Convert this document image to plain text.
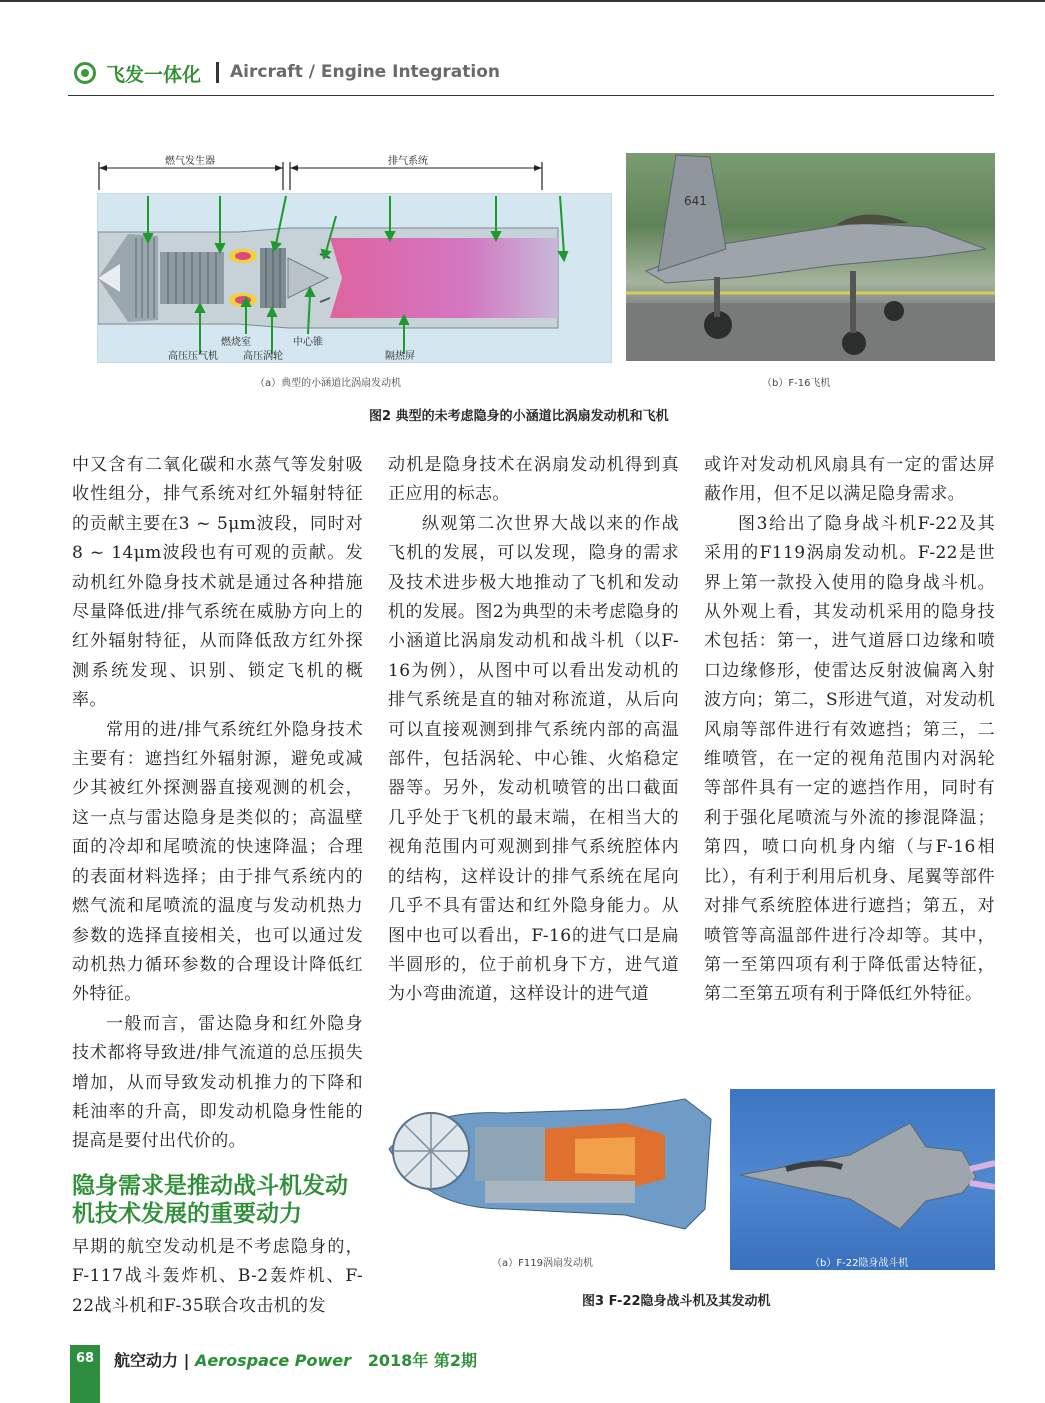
飞发一体化 Aircraft / Engine Integration
燃气发生器	排气系统
燃烧室	中心锥
高压压气机	高压涡轮	隔热屏
641
（a）典型的小涵道比涡扇发动机	（b）F-16飞机
图2 典型的未考虑隐身的小涵道比涡扇发动机和飞机

中又含有二氧化碳和水蒸气等发射吸收性组分，排气系统对红外辐射特征的贡献主要在3 ~ 5μm波段，同时对8 ~ 14μm波段也有可观的贡献。发动机红外隐身技术就是通过各种措施尽量降低进/排气系统在威胁方向上的红外辐射特征，从而降低敌方红外探测系统发现、识别、锁定飞机的概率。

常用的进/排气系统红外隐身技术主要有：遮挡红外辐射源，避免或减少其被红外探测器直接观测的机会，这一点与雷达隐身是类似的；高温壁面的冷却和尾喷流的快速降温；合理的表面材料选择；由于排气系统内的燃气流和尾喷流的温度与发动机热力参数的选择直接相关，也可以通过发动机热力循环参数的合理设计降低红外特征。

一般而言，雷达隐身和红外隐身技术都将导致进/排气流道的总压损失增加，从而导致发动机推力的下降和耗油率的升高，即发动机隐身性能的提高是要付出代价的。

隐身需求是推动战斗机发动机技术发展的重要动力

早期的航空发动机是不考虑隐身的，F-117战斗轰炸机、B-2轰炸机、F-22战斗机和F-35联合攻击机的发

动机是隐身技术在涡扇发动机得到真正应用的标志。

纵观第二次世界大战以来的作战飞机的发展，可以发现，隐身的需求及技术进步极大地推动了飞机和发动机的发展。图2为典型的未考虑隐身的小涵道比涡扇发动机和战斗机（以F-16为例），从图中可以看出发动机的排气系统是直的轴对称流道，从后向可以直接观测到排气系统内部的高温部件，包括涡轮、中心锥、火焰稳定器等。另外，发动机喷管的出口截面几乎处于飞机的最末端，在相当大的视角范围内可观测到排气系统腔体内的结构，这样设计的排气系统在尾向几乎不具有雷达和红外隐身能力。从图中也可以看出，F-16的进气口是扁半圆形的，位于前机身下方，进气道为小弯曲流道，这样设计的进气道

或许对发动机风扇具有一定的雷达屏蔽作用，但不足以满足隐身需求。

图3给出了隐身战斗机F-22及其采用的F119涡扇发动机。F-22是世界上第一款投入使用的隐身战斗机。从外观上看，其发动机采用的隐身技术包括：第一，进气道唇口边缘和喷口边缘修形，使雷达反射波偏离入射波方向；第二，S形进气道，对发动机风扇等部件进行有效遮挡；第三，二维喷管，在一定的视角范围内对涡轮等部件具有一定的遮挡作用，同时有利于强化尾喷流与外流的掺混降温；第四，喷口向机身内缩（与F-16相比），有利于利用后机身、尾翼等部件对排气系统腔体进行遮挡；第五，对喷管等高温部件进行冷却等。其中，第一至第四项有利于降低雷达特征，第二至第五项有利于降低红外特征。

（a）F119涡扇发动机	（b）F-22隐身战斗机
图3 F-22隐身战斗机及其发动机
68	航空动力 | Aerospace Power 2018年 第2期
